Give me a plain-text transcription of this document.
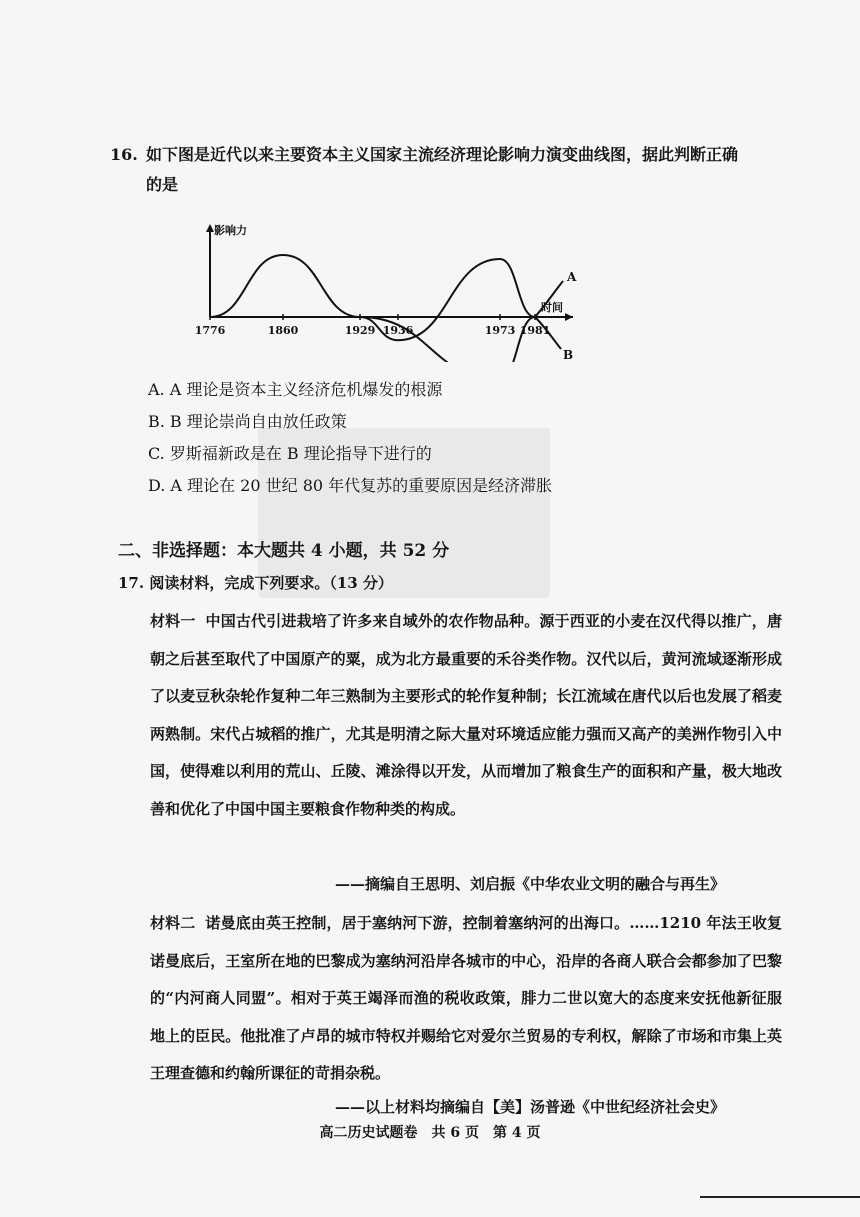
16. 如下图是近代以来主要资本主义国家主流经济理论影响力演变曲线图，据此判断正确的是
影响力
时间
1776	1860	1929 1936	1973 1981
A
B
A. A 理论是资本主义经济危机爆发的根源
B. B 理论崇尚自由放任政策
C. 罗斯福新政是在 B 理论指导下进行的
D. A 理论在 20 世纪 80 年代复苏的重要原因是经济滞胀
二、非选择题：本大题共 4 小题，共 52 分
17. 阅读材料，完成下列要求。（13 分）
材料一 中国古代引进栽培了许多来自域外的农作物品种。源于西亚的小麦在汉代得以推广，唐朝之后甚至取代了中国原产的粟，成为北方最重要的禾谷类作物。汉代以后，黄河流域逐渐形成了以麦豆秋杂轮作复种二年三熟制为主要形式的轮作复种制；长江流域在唐代以后也发展了稻麦两熟制。宋代占城稻的推广，尤其是明清之际大量对环境适应能力强而又高产的美洲作物引入中国，使得难以利用的荒山、丘陵、滩涂得以开发，从而增加了粮食生产的面积和产量，极大地改善和优化了中国中国主要粮食作物种类的构成。
——摘编自王思明、刘启振《中华农业文明的融合与再生》
材料二 诺曼底由英王控制，居于塞纳河下游，控制着塞纳河的出海口。……1210 年法王收复诺曼底后，王室所在地的巴黎成为塞纳河沿岸各城市的中心，沿岸的各商人联合会都参加了巴黎的“内河商人同盟”。相对于英王竭泽而渔的税收政策，腓力二世以宽大的态度来安抚他新征服地上的臣民。他批准了卢昂的城市特权并赐给它对爱尔兰贸易的专利权，解除了市场和市集上英王理查德和约翰所课征的苛捐杂税。
——以上材料均摘编自【美】汤普逊《中世纪经济社会史》
高二历史试题卷　共 6 页　第 4 页
